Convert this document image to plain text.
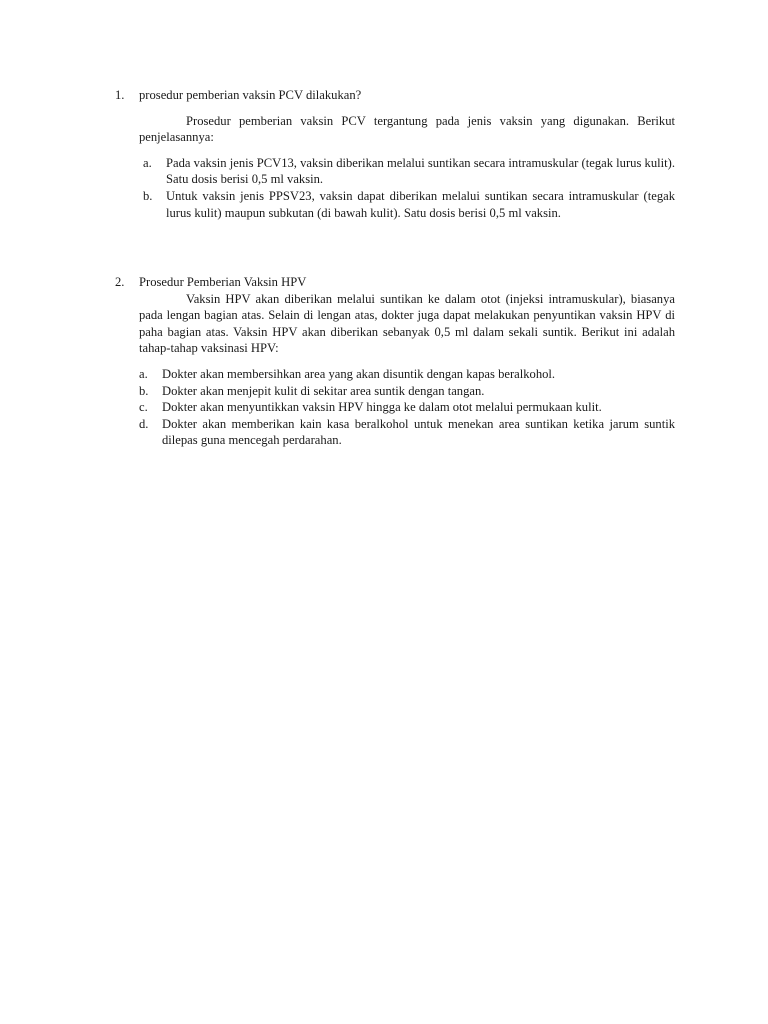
1.	prosedur pemberian vaksin PCV dilakukan?
Prosedur pemberian vaksin PCV tergantung pada jenis vaksin yang digunakan. Berikut penjelasannya:
a.	Pada vaksin jenis PCV13, vaksin diberikan melalui suntikan secara intramuskular (tegak lurus kulit). Satu dosis berisi 0,5 ml vaksin.
b.	Untuk vaksin jenis PPSV23, vaksin dapat diberikan melalui suntikan secara intramuskular (tegak lurus kulit) maupun subkutan (di bawah kulit). Satu dosis berisi 0,5 ml vaksin.
2.	Prosedur Pemberian Vaksin HPV
Vaksin HPV akan diberikan melalui suntikan ke dalam otot (injeksi intramuskular), biasanya pada lengan bagian atas. Selain di lengan atas, dokter juga dapat melakukan penyuntikan vaksin HPV di paha bagian atas. Vaksin HPV akan diberikan sebanyak 0,5 ml dalam sekali suntik. Berikut ini adalah tahap-tahap vaksinasi HPV:
a.	Dokter akan membersihkan area yang akan disuntik dengan kapas beralkohol.
b.	Dokter akan menjepit kulit di sekitar area suntik dengan tangan.
c.	Dokter akan menyuntikkan vaksin HPV hingga ke dalam otot melalui permukaan kulit.
d.	Dokter akan memberikan kain kasa beralkohol untuk menekan area suntikan ketika jarum suntik dilepas guna mencegah perdarahan.
